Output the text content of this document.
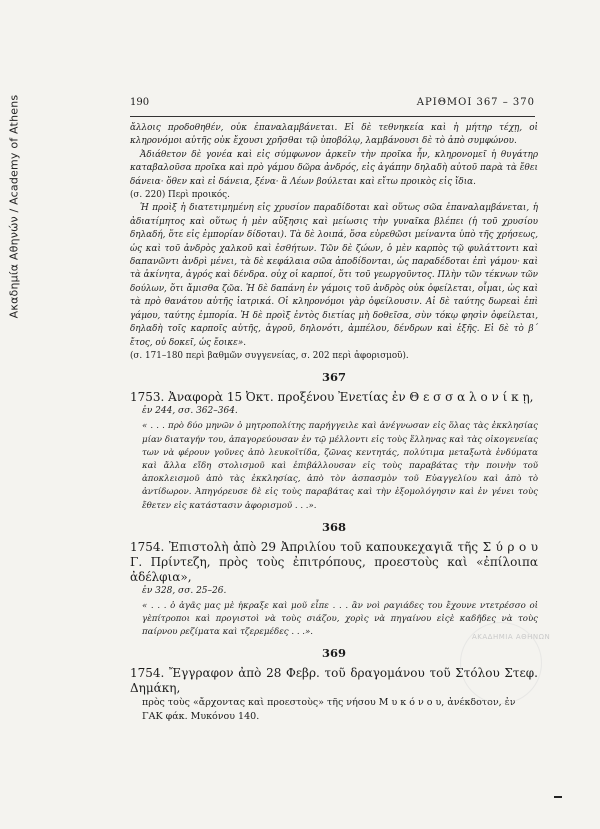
Ακαδημία Αθηνών / Academy of Athens	190	ΑΡΙΘΜΟΙ 367 – 370

ἄλλοις προδοθηθέν, οὐκ ἐπαναλαμβάνεται. Εἰ δὲ τεθνηκεία καὶ ἡ μήτηρ τέχῃ, οἱ κληρονόμοι αὐτῆς οὐκ ἔχουσι χρῆσθαι τῷ ὑποβόλῳ, λαμβάνουσι δὲ τὸ ἀπὸ συμφώνου.

Ἀδιάθετον δὲ γονέα καὶ εἰς σύμφωνον ἀρκεῖν τὴν προῖκα ἦν, κληρονομεῖ ἡ θυγάτηρ καταβαλοῦσα προῖκα καὶ πρὸ γάμου δῶρα ἀνδρός, εἰς ἀγάπην δηλαδὴ αὐτοῦ παρὰ τὰ ἔθει δάνεια· ὅθεν καὶ εἰ δάνεια, ξένα· ἃ Λέων βούλεται καὶ εἴτω προικὸς εἰς ἴδια.

(σ. 220) Περὶ προικός.

Ἡ προὶξ ἡ διατετιμημένη εἰς χρυσίον παραδίδοται καὶ οὕτως σῶα ἐπαναλαμβάνεται, ἡ ἀδιατίμητος καὶ οὕτως ἡ μὲν αὔξησις καὶ μείωσις τὴν γυναῖκα βλέπει (ἡ τοῦ χρυσίου δηλαδή, ὅτε εἰς ἐμπορίαν δίδοται). Τὰ δὲ λοιπά, ὅσα εὑρεθῶσι μείναντα ὑπὸ τῆς χρήσεως, ὡς καὶ τοῦ ἀνδρὸς χαλκοῦ καὶ ἐσθήτων. Τῶν δὲ ζώων, ὁ μὲν καρπὸς τῷ φυλάττοντι καὶ δαπανῶντι ἀνδρὶ μένει, τὰ δὲ κεφάλαια σῶα ἀποδίδονται, ὡς παραδέδοται ἐπὶ γάμου· καὶ τὰ ἀκίνητα, ἀγρός καὶ δένδρα. οὐχ οἱ καρποί, ὅτι τοῦ γεωργοῦντος. Πλὴν τῶν τέκνων τῶν δούλων, ὅτι ἄμισθα ζῶα. Ἡ δὲ δαπάνη ἐν γάμοις τοῦ ἀνδρὸς οὐκ ὀφείλεται, οἶμαι, ὡς καὶ τὰ πρὸ θανάτου αὐτῆς ἰατρικά. Οἱ κληρονόμοι γὰρ ὀφείλουσιν. Αἱ δὲ ταύτης δωρεαὶ ἐπὶ γάμου, ταύτης ἐμπορία. Ἡ δὲ προὶξ ἐντὸς διετίας μὴ δοθεῖσα, σὺν τόκῳ φησὶν ὀφείλεται, δηλαδὴ τοῖς καρποῖς αὐτῆς, ἀγροῦ, δηλονότι, ἀμπέλου, δένδρων καὶ ἑξῆς. Εἰ δὲ τὸ β΄ ἔτος, οὐ δοκεῖ, ὡς ἔοικε».

(σ. 171–180 περὶ βαθμῶν συγγενείας, σ. 202 περὶ ἀφορισμοῦ).

367

1753. Ἀναφορὰ 15 Ὀκτ. προξένου Ἐνετίας ἐν Θ ε σ σ α λ ο ν ί κ ῃ,

ἐν 244, σσ. 362–364.

« . . . πρὸ δύο μηνῶν ὁ μητροπολίτης παρήγγειλε καὶ ἀνέγνωσαν εἰς ὅλας τὰς ἐκκλησίας μίαν διαταγήν του, ἀπαγορεύουσαν ἐν τῷ μέλλοντι εἰς τοὺς ἕλληνας καὶ τὰς οἰκογενείας των νὰ φέρουν γοῦνες ἀπὸ λευκοϊτίδα, ζῶνας κεντητάς, πολύτιμα μεταξωτὰ ἐνδύματα καὶ ἄλλα εἴδη στολισμοῦ καὶ ἐπιβάλλουσαν εἰς τοὺς παραβάτας τὴν ποινὴν τοῦ ἀποκλεισμοῦ ἀπὸ τὰς ἐκκλησίας, ἀπὸ τὸν ἀσπασμὸν τοῦ Εὐαγγελίου καὶ ἀπὸ τὸ ἀντίδωρον. Ἀπηγόρευσε δὲ εἰς τοὺς παραβάτας καὶ τὴν ἐξομολόγησιν καὶ ἐν γένει τοὺς ἔθετεν εἰς κατάστασιν ἀφορισμοῦ . . .».

368

1754. Ἐπιστολὴ ἀπὸ 29 Ἀπριλίου τοῦ καπουκεχαγιᾶ τῆς Σ ύ ρ ο υ Γ. Πρίντεζη, πρὸς τοὺς ἐπιτρόπους, προεστοὺς καὶ «ἐπίλοιπα ἀδέλφια»,

ἐν 328, σσ. 25–26.

« . . . ὁ ἀγᾶς μας μὲ ἠκραξε καὶ μοῦ εἶπε . . . ἂν νοὶ ραγιάδες του ἔχουνε ντετρέσσο οἱ γὲπίτροποι καὶ προγιστοὶ νὰ τοὺς σιάζου, χορὶς νὰ πηγαίνου εἰςὲ καδῆδες νὰ τοὺς παίρνου ρεζίματα καὶ τζερεμέδες . . .».

369

1754. Ἔγγραφον ἀπὸ 28 Φεβρ. τοῦ δραγομάνου τοῦ Στόλου Στεφ. Δημάκη,

πρὸς τοὺς «ἄρχοντας καὶ προεστοὺς» τῆς νήσου Μ υ κ ό ν ο υ, ἀνέκδοτον, ἐν ΓΑΚ φάκ. Μυκόνου 140.

ΑΚΑΔΗΜΙΑ ΑΘΗΝΩΝ
